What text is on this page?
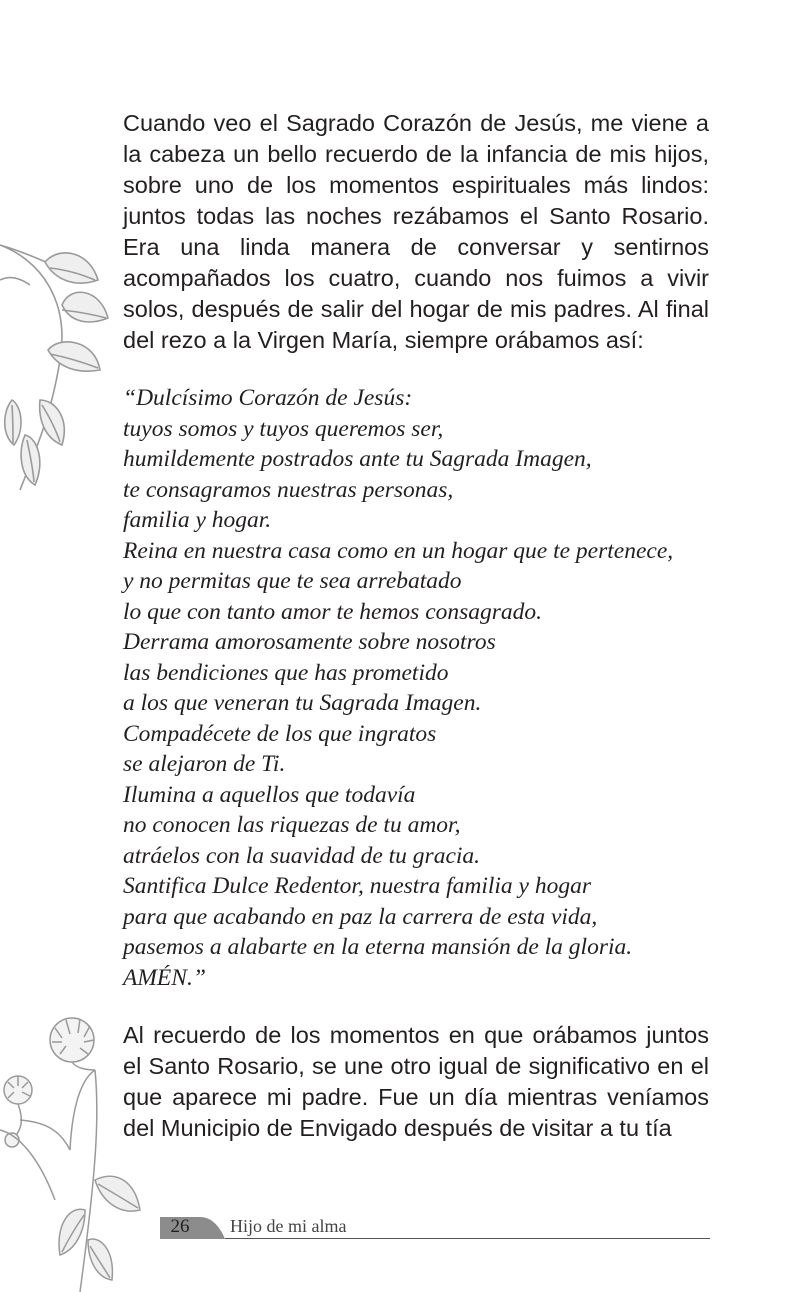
Cuando veo el Sagrado Corazón de Jesús, me viene a la cabeza un bello recuerdo de la infancia de mis hijos, sobre uno de los momentos espirituales más lindos: juntos todas las noches rezábamos el Santo Rosario. Era una linda manera de conversar y sentirnos acompañados los cuatro, cuando nos fuimos a vivir solos, después de salir del hogar de mis padres. Al final del rezo a la Virgen María, siempre orábamos así:

“Dulcísimo Corazón de Jesús:
tuyos somos y tuyos queremos ser,
humildemente postrados ante tu Sagrada Imagen,
te consagramos nuestras personas,
familia y hogar.
Reina en nuestra casa como en un hogar que te pertenece,
y no permitas que te sea arrebatado
lo que con tanto amor te hemos consagrado.
Derrama amorosamente sobre nosotros
las bendiciones que has prometido
a los que veneran tu Sagrada Imagen.
Compadécete de los que ingratos
se alejaron de Ti.
Ilumina a aquellos que todavía
no conocen las riquezas de tu amor,
atráelos con la suavidad de tu gracia.
Santifica Dulce Redentor, nuestra familia y hogar
para que acabando en paz la carrera de esta vida,
pasemos a alabarte en la eterna mansión de la gloria.
AMÉN.”

Al recuerdo de los momentos en que orábamos juntos el Santo Rosario, se une otro igual de significativo en el que aparece mi padre. Fue un día mientras veníamos del Municipio de Envigado después de visitar a tu tía

26	Hijo de mi alma
